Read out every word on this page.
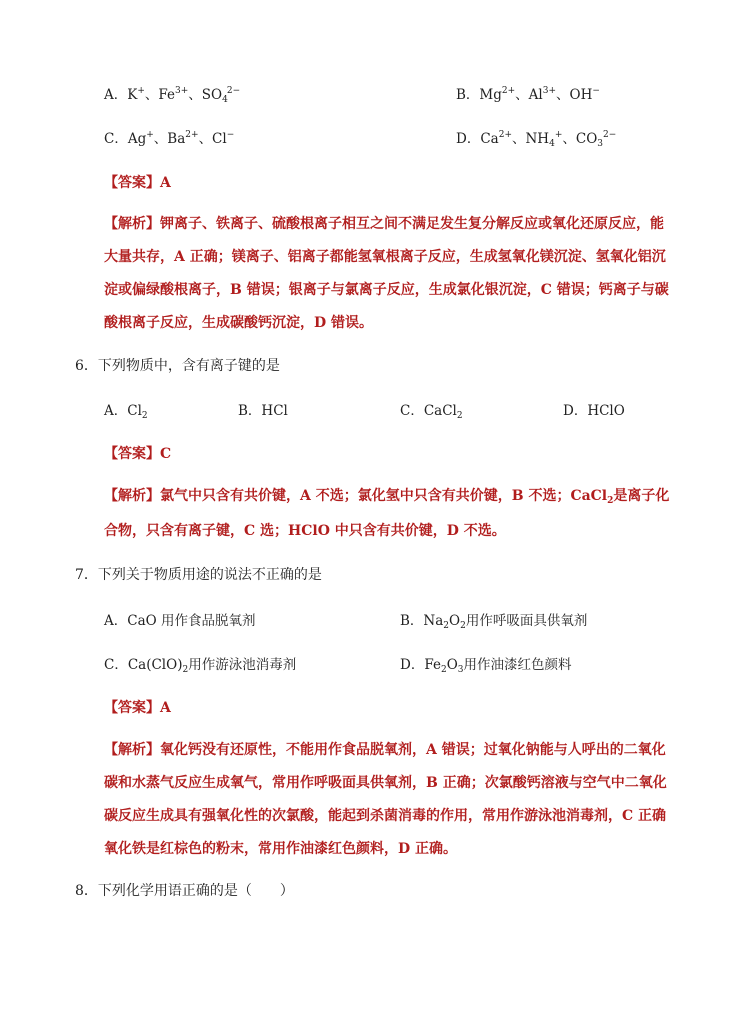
A．K+、$Fe^{3+}$、$SO_4^{2-}$	B．$Mg^{2+}$、$Al^{3+}$、OH−
C．Ag+、$Ba^{2+}$、Cl−	D．$Ca^{2+}$、$NH_4^+$、$CO_3^{2-}$
【答案】A
【解析】钾离子、铁离子、硫酸根离子相互之间不满足发生复分解反应或氧化还原反应，能
大量共存，A 正确；镁离子、铝离子都能氢氧根离子反应，生成氢氧化镁沉淀、氢氧化铝沉
淀或偏绿酸根离子，B 错误；银离子与氯离子反应，生成氯化银沉淀，C 错误；钙离子与碳
酸根离子反应，生成碳酸钙沉淀，D 错误。
6．下列物质中，含有离子键的是
A．$Cl_2$	B．HCl	C．CaCl$_2$	D．HClO
【答案】C
【解析】氯气中只含有共价键，A 不选；氯化氢中只含有共价键，B 不选；CaCl$_2$是离子化
合物，只含有离子键，C 选；HClO 中只含有共价键，D 不选。
7．下列关于物质用途的说法不正确的是
A．CaO 用作食品脱氧剂	B．$Na_2O_2$用作呼吸面具供氧剂
C．$Ca(ClO)_2$用作游泳池消毒剂	D．$Fe_2O_3$用作油漆红色颜料
【答案】A
【解析】氧化钙没有还原性，不能用作食品脱氧剂，A 错误；过氧化钠能与人呼出的二氧化
碳和水蒸气反应生成氧气，常用作呼吸面具供氧剂，B 正确；次氯酸钙溶液与空气中二氧化
碳反应生成具有强氧化性的次氯酸，能起到杀菌消毒的作用，常用作游泳池消毒剂，C 正确
氧化铁是红棕色的粉末，常用作油漆红色颜料，D 正确。
8．下列化学用语正确的是（　　）
